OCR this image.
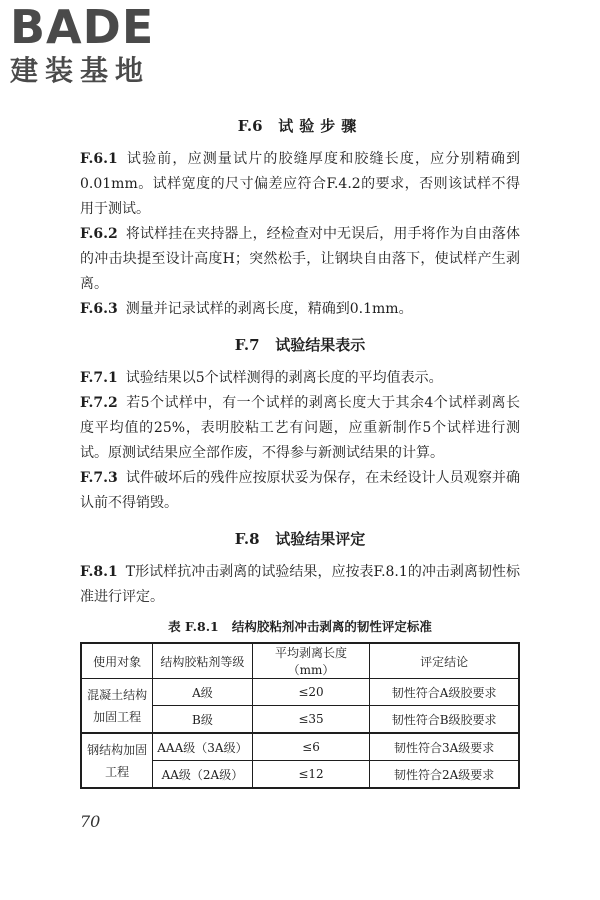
BADE
建装基地
F.6 试验步骤

F.6.1 试验前，应测量试片的胶缝厚度和胶缝长度，应分别精确到0.01mm。试样宽度的尺寸偏差应符合F.4.2的要求，否则该试样不得用于测试。

F.6.2 将试样挂在夹持器上，经检查对中无误后，用手将作为自由落体的冲击块提至设计高度H；突然松手，让钢块自由落下，使试样产生剥离。

F.6.3 测量并记录试样的剥离长度，精确到0.1mm。

F.7 试验结果表示

F.7.1 试验结果以5个试样测得的剥离长度的平均值表示。

F.7.2 若5个试样中，有一个试样的剥离长度大于其余4个试样剥离长度平均值的25%，表明胶粘工艺有问题，应重新制作5个试样进行测试。原测试结果应全部作废，不得参与新测试结果的计算。

F.7.3 试件破坏后的残件应按原状妥为保存，在未经设计人员观察并确认前不得销毁。

F.8 试验结果评定

F.8.1 T形试样抗冲击剥离的试验结果，应按表F.8.1的冲击剥离韧性标准进行评定。

表 F.8.1 结构胶粘剂冲击剥离的韧性评定标准
使用对象	结构胶粘剂等级	平均剥离长度（mm）	评定结论
混凝土结构加固工程	A级	≤20	韧性符合A级胶要求
	B级	≤35	韧性符合B级胶要求
钢结构加固工程	AAA级（3A级）	≤6	韧性符合3A级要求
	AA级（2A级）	≤12	韧性符合2A级要求
70
